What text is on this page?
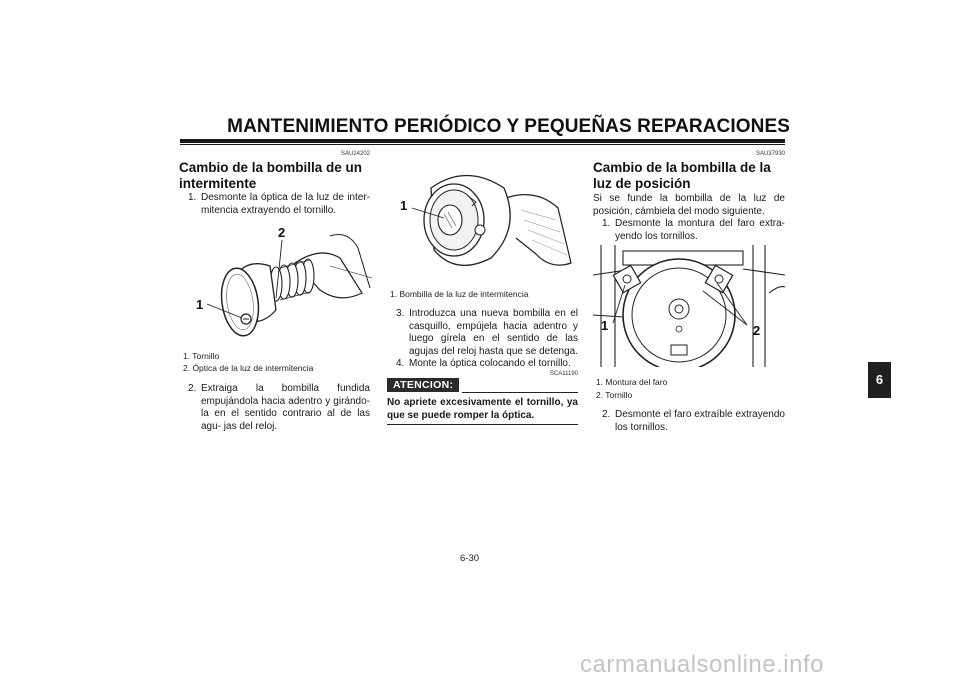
MANTENIMIENTO PERIÓDICO Y PEQUEÑAS REPARACIONES
SAU24202
Cambio de la bombilla de un intermitente
1. Desmonte la óptica de la luz de inter- mitencia extrayendo el tornillo.
1
2
1. Tornillo
2. Óptica de la luz de intermitencia
2. Extraiga la bombilla fundida empujándola hacia adentro y girándo- la en el sentido contrario al de las agu- jas del reloj.
1
1. Bombilla de la luz de intermitencia
3. Introduzca una nueva bombilla en el casquillo, empújela hacia adentro y luego gírela en el sentido de las agujas del reloj hasta que se detenga.
4. Monte la óptica colocando el tornillo.
SCA11190
ATENCION:
No apriete excesivamente el tornillo, ya que se puede romper la óptica.
SAU37930
Cambio de la bombilla de la luz de posición
Si se funde la bombilla de la luz de posición, cámbiela del modo siguiente.
1. Desmonte la montura del faro extra- yendo los tornillos.
1	2
1. Montura del faro
2. Tornillo
2. Desmonte el faro extraíble extrayendo los tornillos.
6
6-30
carmanualsonline.info
